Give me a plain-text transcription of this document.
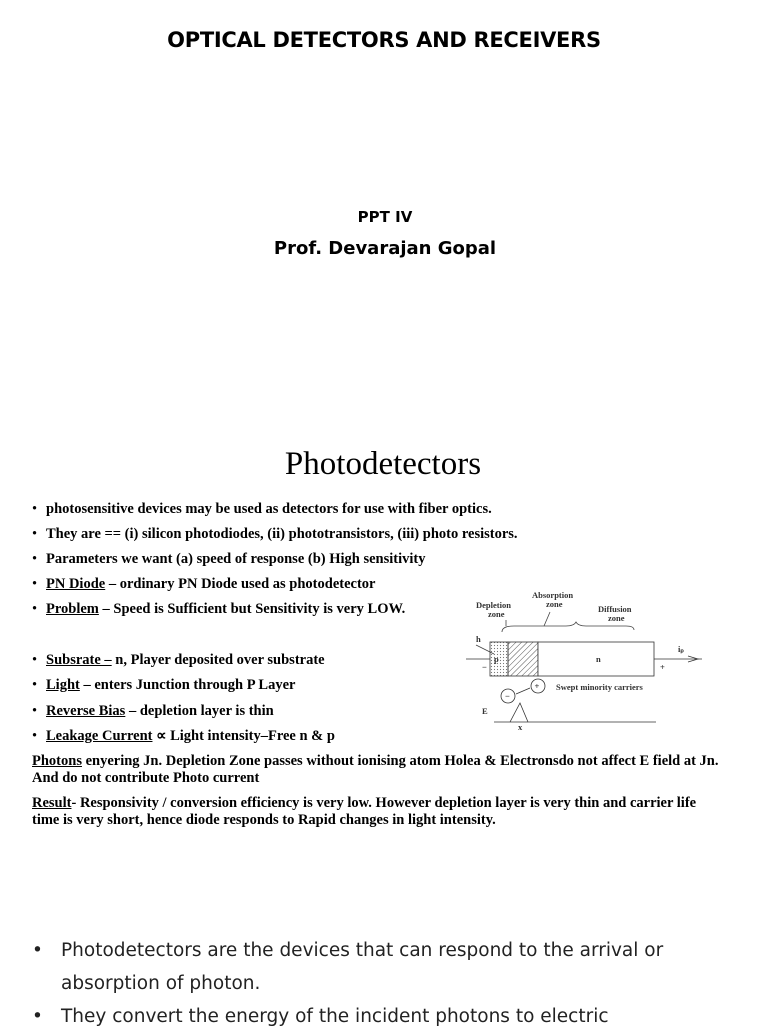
OPTICAL DETECTORS AND RECEIVERS
PPT IV
Prof. Devarajan Gopal
Photodetectors
• photosensitive devices may be used as detectors for use with fiber optics.
• They are == (i) silicon photodiodes, (ii) phototransistors, (iii) photo resistors.
• Parameters we want (a) speed of response (b) High sensitivity
• PN Diode – ordinary PN Diode used as photodetector
• Problem – Speed is Sufficient but Sensitivity is very LOW.
• Subsrate – n, Player deposited over substrate
• Light – enters Junction through P Layer
• Reverse Bias – depletion layer is thin
• Leakage Current ∝ Light intensity–Free n & p
Photons enyering Jn. Depletion Zone passes without ionising atom Holea & Electronsdo not affect E field at Jn. And do not contribute Photo current
Result- Responsivity / conversion efficiency is very low. However depletion layer is very thin and carrier life time is very short, hence diode responds to Rapid changes in light intensity.
Depletion
zone
Absorption
zone	Diffusion
zone
h
p	n
−	+
iₚ
−
+ Swept minority carriers
E
x
• Photodetectors are the devices that can respond to the arrival or absorption of photon.
• They convert the energy of the incident photons to electric
